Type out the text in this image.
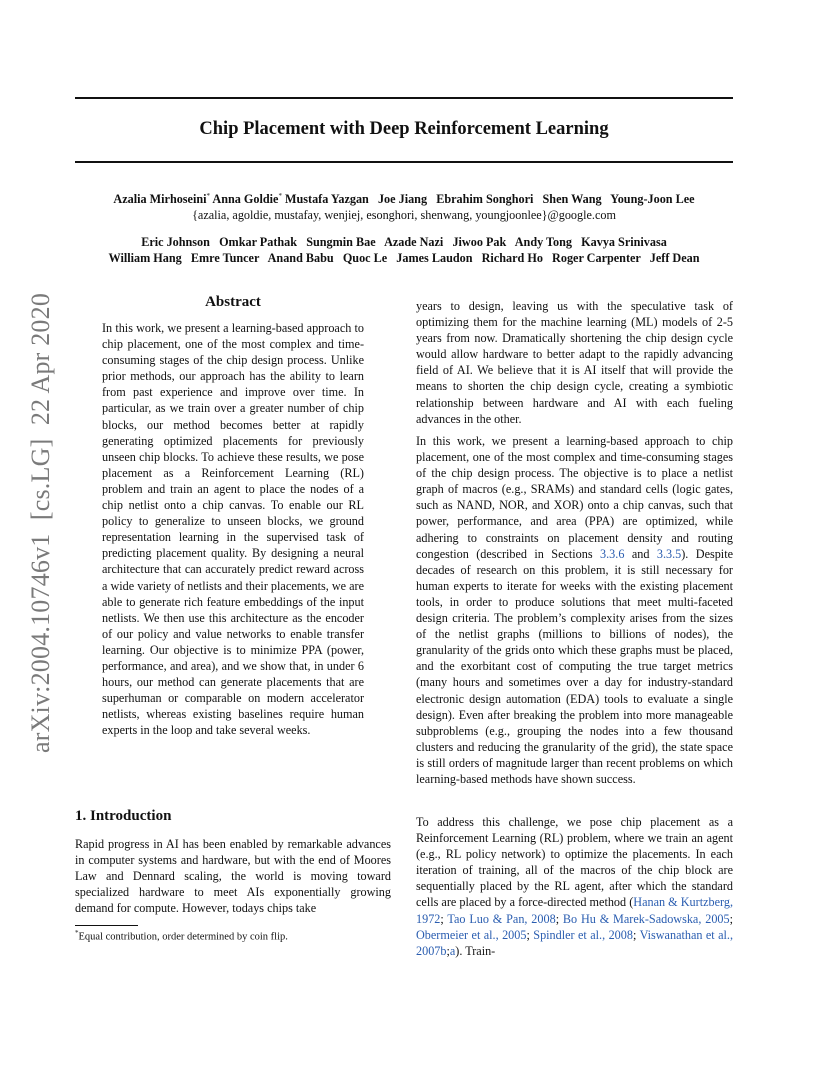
Chip Placement with Deep Reinforcement Learning
Azalia Mirhoseini* Anna Goldie* Mustafa Yazgan   Joe Jiang   Ebrahim Songhori   Shen Wang   Young-Joon Lee
{azalia, agoldie, mustafay, wenjiej, esonghori, shenwang, youngjoonlee}@google.com
Eric Johnson   Omkar Pathak   Sungmin Bae   Azade Nazi   Jiwoo Pak   Andy Tong   Kavya Srinivasa
William Hang   Emre Tuncer   Anand Babu   Quoc Le   James Laudon   Richard Ho   Roger Carpenter   Jeff Dean
arXiv:2004.10746v1  [cs.LG]  22 Apr 2020	Abstract
In this work, we present a learning-based approach to chip placement, one of the most complex and time-consuming stages of the chip design process. Unlike prior methods, our approach has the ability to learn from past experience and improve over time. In particular, as we train over a greater number of chip blocks, our method becomes better at rapidly generating optimized placements for previously unseen chip blocks. To achieve these results, we pose placement as a Reinforcement Learning (RL) problem and train an agent to place the nodes of a chip netlist onto a chip canvas. To enable our RL policy to generalize to unseen blocks, we ground representation learning in the supervised task of predicting placement quality. By designing a neural architecture that can accurately predict reward across a wide variety of netlists and their placements, we are able to generate rich feature embeddings of the input netlists. We then use this architecture as the encoder of our policy and value networks to enable transfer learning. Our objective is to minimize PPA (power, performance, and area), and we show that, in under 6 hours, our method can generate placements that are superhuman or comparable on modern accelerator netlists, whereas existing baselines require human experts in the loop and take several weeks.
1. Introduction
Rapid progress in AI has been enabled by remarkable advances in computer systems and hardware, but with the end of Moores Law and Dennard scaling, the world is moving toward specialized hardware to meet AIs exponentially growing demand for compute. However, todays chips take
*Equal contribution, order determined by coin flip.
years to design, leaving us with the speculative task of optimizing them for the machine learning (ML) models of 2-5 years from now. Dramatically shortening the chip design cycle would allow hardware to better adapt to the rapidly advancing field of AI. We believe that it is AI itself that will provide the means to shorten the chip design cycle, creating a symbiotic relationship between hardware and AI with each fueling advances in the other.
In this work, we present a learning-based approach to chip placement, one of the most complex and time-consuming stages of the chip design process. The objective is to place a netlist graph of macros (e.g., SRAMs) and standard cells (logic gates, such as NAND, NOR, and XOR) onto a chip canvas, such that power, performance, and area (PPA) are optimized, while adhering to constraints on placement density and routing congestion (described in Sections 3.3.6 and 3.3.5). Despite decades of research on this problem, it is still necessary for human experts to iterate for weeks with the existing placement tools, in order to produce solutions that meet multi-faceted design criteria. The problem’s complexity arises from the sizes of the netlist graphs (millions to billions of nodes), the granularity of the grids onto which these graphs must be placed, and the exorbitant cost of computing the true target metrics (many hours and sometimes over a day for industry-standard electronic design automation (EDA) tools to evaluate a single design). Even after breaking the problem into more manageable subproblems (e.g., grouping the nodes into a few thousand clusters and reducing the granularity of the grid), the state space is still orders of magnitude larger than recent problems on which learning-based methods have shown success.
To address this challenge, we pose chip placement as a Reinforcement Learning (RL) problem, where we train an agent (e.g., RL policy network) to optimize the placements. In each iteration of training, all of the macros of the chip block are sequentially placed by the RL agent, after which the standard cells are placed by a force-directed method (Hanan & Kurtzberg, 1972; Tao Luo & Pan, 2008; Bo Hu & Marek-Sadowska, 2005; Obermeier et al., 2005; Spindler et al., 2008; Viswanathan et al., 2007b;a). Train-
